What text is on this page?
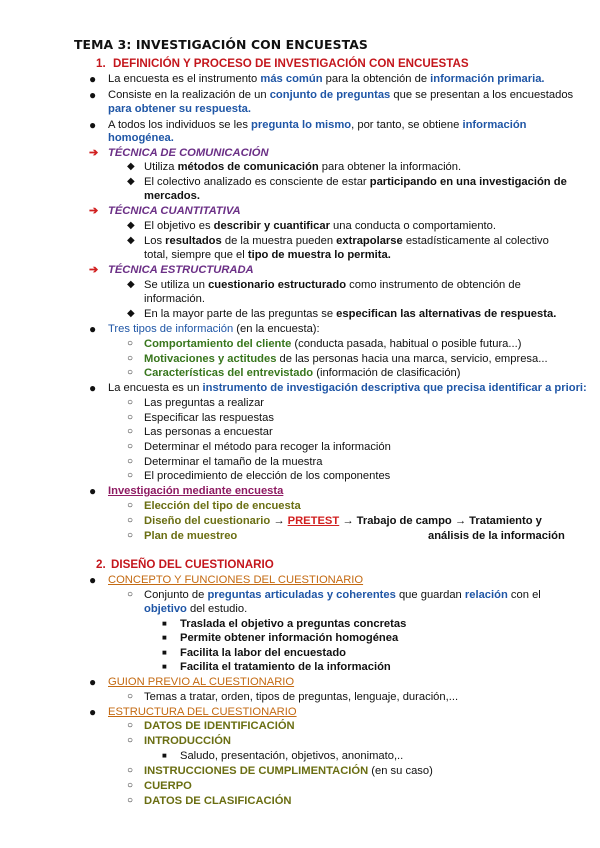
TEMA 3: INVESTIGACIÓN CON ENCUESTAS
1. DEFINICIÓN Y PROCESO DE INVESTIGACIÓN CON ENCUESTAS
● La encuesta es el instrumento más común para la obtención de información primaria.
● Consiste en la realización de un conjunto de preguntas que se presentan a los encuestados
para obtener su respuesta.
● A todos los individuos se les pregunta lo mismo, por tanto, se obtiene información
homogénea.
➔ TÉCNICA DE COMUNICACIÓN
◆ Utiliza métodos de comunicación para obtener la información.
◆ El colectivo analizado es consciente de estar participando en una investigación de
mercados.
➔ TÉCNICA CUANTITATIVA
◆ El objetivo es describir y cuantificar una conducta o comportamiento.
◆ Los resultados de la muestra pueden extrapolarse estadísticamente al colectivo
total, siempre que el tipo de muestra lo permita.
➔ TÉCNICA ESTRUCTURADA
◆ Se utiliza un cuestionario estructurado como instrumento de obtención de
información.
◆ En la mayor parte de las preguntas se especifican las alternativas de respuesta.
● Tres tipos de información (en la encuesta):
○ Comportamiento del cliente (conducta pasada, habitual o posible futura...)
○ Motivaciones y actitudes de las personas hacia una marca, servicio, empresa...
○ Características del entrevistado (información de clasificación)
● La encuesta es un instrumento de investigación descriptiva que precisa identificar a priori:
○ Las preguntas a realizar
○ Especificar las respuestas
○ Las personas a encuestar
○ Determinar el método para recoger la información
○ Determinar el tamaño de la muestra
○ El procedimiento de elección de los componentes
● Investigación mediante encuesta
○ Elección del tipo de encuesta
○ Diseño del cuestionario → PRETEST → Trabajo de campo → Tratamiento y
○ Plan de muestreo	análisis de la información
2. DISEÑO DEL CUESTIONARIO
● CONCEPTO Y FUNCIONES DEL CUESTIONARIO
○ Conjunto de preguntas articuladas y coherentes que guardan relación con el
objetivo del estudio.
■ Traslada el objetivo a preguntas concretas
■ Permite obtener información homogénea
■ Facilita la labor del encuestado
■ Facilita el tratamiento de la información
● GUION PREVIO AL CUESTIONARIO
○ Temas a tratar, orden, tipos de preguntas, lenguaje, duración,...
● ESTRUCTURA DEL CUESTIONARIO
○ DATOS DE IDENTIFICACIÓN
○ INTRODUCCIÓN
■ Saludo, presentación, objetivos, anonimato,..
○ INSTRUCCIONES DE CUMPLIMENTACIÓN (en su caso)
○ CUERPO
○ DATOS DE CLASIFICACIÓN
